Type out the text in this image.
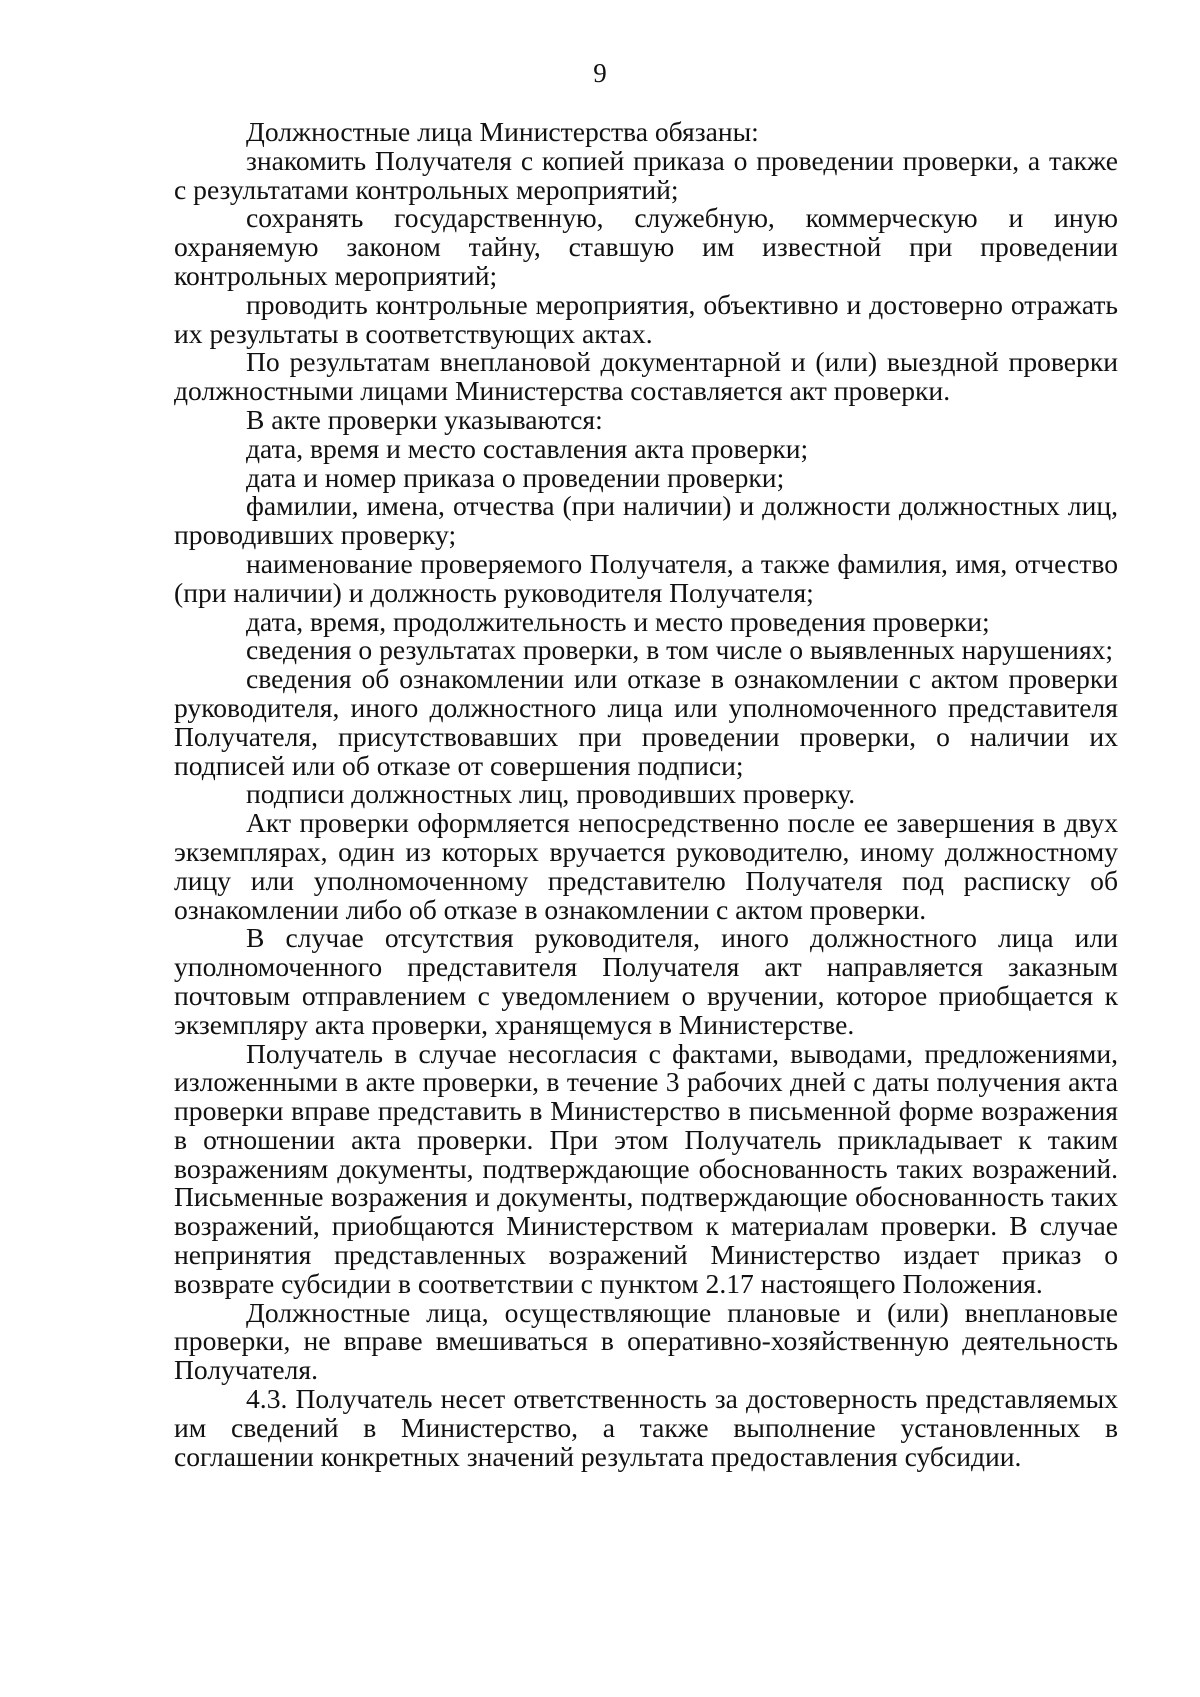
9

Должностные лица Министерства обязаны:

знакомить Получателя с копией приказа о проведении проверки, а также с результатами контрольных мероприятий;

сохранять государственную, служебную, коммерческую и иную охраняемую законом тайну, ставшую им известной при проведении контрольных мероприятий;

проводить контрольные мероприятия, объективно и достоверно отражать их результаты в соответствующих актах.

По результатам внеплановой документарной и (или) выездной проверки должностными лицами Министерства составляется акт проверки.

В акте проверки указываются:

дата, время и место составления акта проверки;

дата и номер приказа о проведении проверки;

фамилии, имена, отчества (при наличии) и должности должностных лиц, проводивших проверку;

наименование проверяемого Получателя, а также фамилия, имя, отчество (при наличии) и должность руководителя Получателя;

дата, время, продолжительность и место проведения проверки;

сведения о результатах проверки, в том числе о выявленных нарушениях;

сведения об ознакомлении или отказе в ознакомлении с актом проверки руководителя, иного должностного лица или уполномоченного представителя Получателя, присутствовавших при проведении проверки, о наличии их подписей или об отказе от совершения подписи;

подписи должностных лиц, проводивших проверку.

Акт проверки оформляется непосредственно после ее завершения в двух экземплярах, один из которых вручается руководителю, иному должностному лицу или уполномоченному представителю Получателя под расписку об ознакомлении либо об отказе в ознакомлении с актом проверки.

В случае отсутствия руководителя, иного должностного лица или уполномоченного представителя Получателя акт направляется заказным почтовым отправлением с уведомлением о вручении, которое приобщается к экземпляру акта проверки, хранящемуся в Министерстве.

Получатель в случае несогласия с фактами, выводами, предложениями, изложенными в акте проверки, в течение 3 рабочих дней с даты получения акта проверки вправе представить в Министерство в письменной форме возражения в отношении акта проверки. При этом Получатель прикладывает к таким возражениям документы, подтверждающие обоснованность таких возражений. Письменные возражения и документы, подтверждающие обоснованность таких возражений, приобщаются Министерством к материалам проверки. В случае непринятия представленных возражений Министерство издает приказ о возврате субсидии в соответствии с пунктом 2.17 настоящего Положения.

Должностные лица, осуществляющие плановые и (или) внеплановые проверки, не вправе вмешиваться в оперативно-хозяйственную деятельность Получателя.

4.3. Получатель несет ответственность за достоверность представляемых им сведений в Министерство, а также выполнение установленных в соглашении конкретных значений результата предоставления субсидии.
